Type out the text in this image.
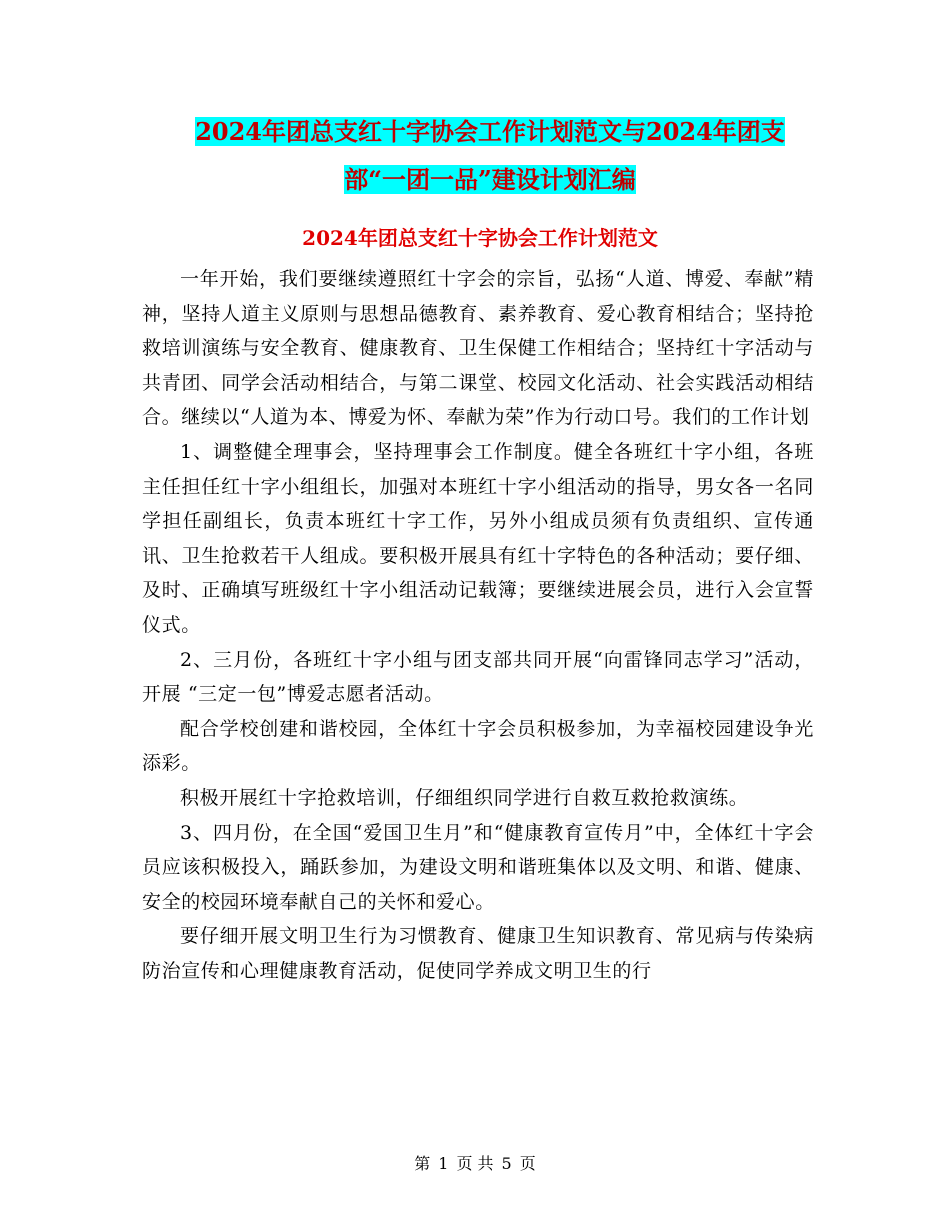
2024年团总支红十字协会工作计划范文与2024年团支
部“一团一品”建设计划汇编
2024年团总支红十字协会工作计划范文

一年开始，我们要继续遵照红十字会的宗旨，弘扬“人道、博爱、奉献”精神，坚持人道主义原则与思想品德教育、素养教育、爱心教育相结合；坚持抢救培训演练与安全教育、健康教育、卫生保健工作相结合；坚持红十字活动与共青团、同学会活动相结合，与第二课堂、校园文化活动、社会实践活动相结合。继续以“人道为本、博爱为怀、奉献为荣”作为行动口号。我们的工作计划

1、调整健全理事会，坚持理事会工作制度。健全各班红十字小组，各班主任担任红十字小组组长，加强对本班红十字小组活动的指导，男女各一名同学担任副组长，负责本班红十字工作，另外小组成员须有负责组织、宣传通讯、卫生抢救若干人组成。要积极开展具有红十字特色的各种活动；要仔细、及时、正确填写班级红十字小组活动记载簿；要继续进展会员，进行入会宣誓仪式。

2、三月份，各班红十字小组与团支部共同开展“向雷锋同志学习”活动，开展 “三定一包”博爱志愿者活动。

配合学校创建和谐校园，全体红十字会员积极参加，为幸福校园建设争光添彩。

积极开展红十字抢救培训，仔细组织同学进行自救互救抢救演练。

3、四月份，在全国“爱国卫生月”和“健康教育宣传月”中，全体红十字会员应该积极投入，踊跃参加，为建设文明和谐班集体以及文明、和谐、健康、安全的校园环境奉献自己的关怀和爱心。

要仔细开展文明卫生行为习惯教育、健康卫生知识教育、常见病与传染病防治宣传和心理健康教育活动，促使同学养成文明卫生的行

第 1 页 共 5 页
